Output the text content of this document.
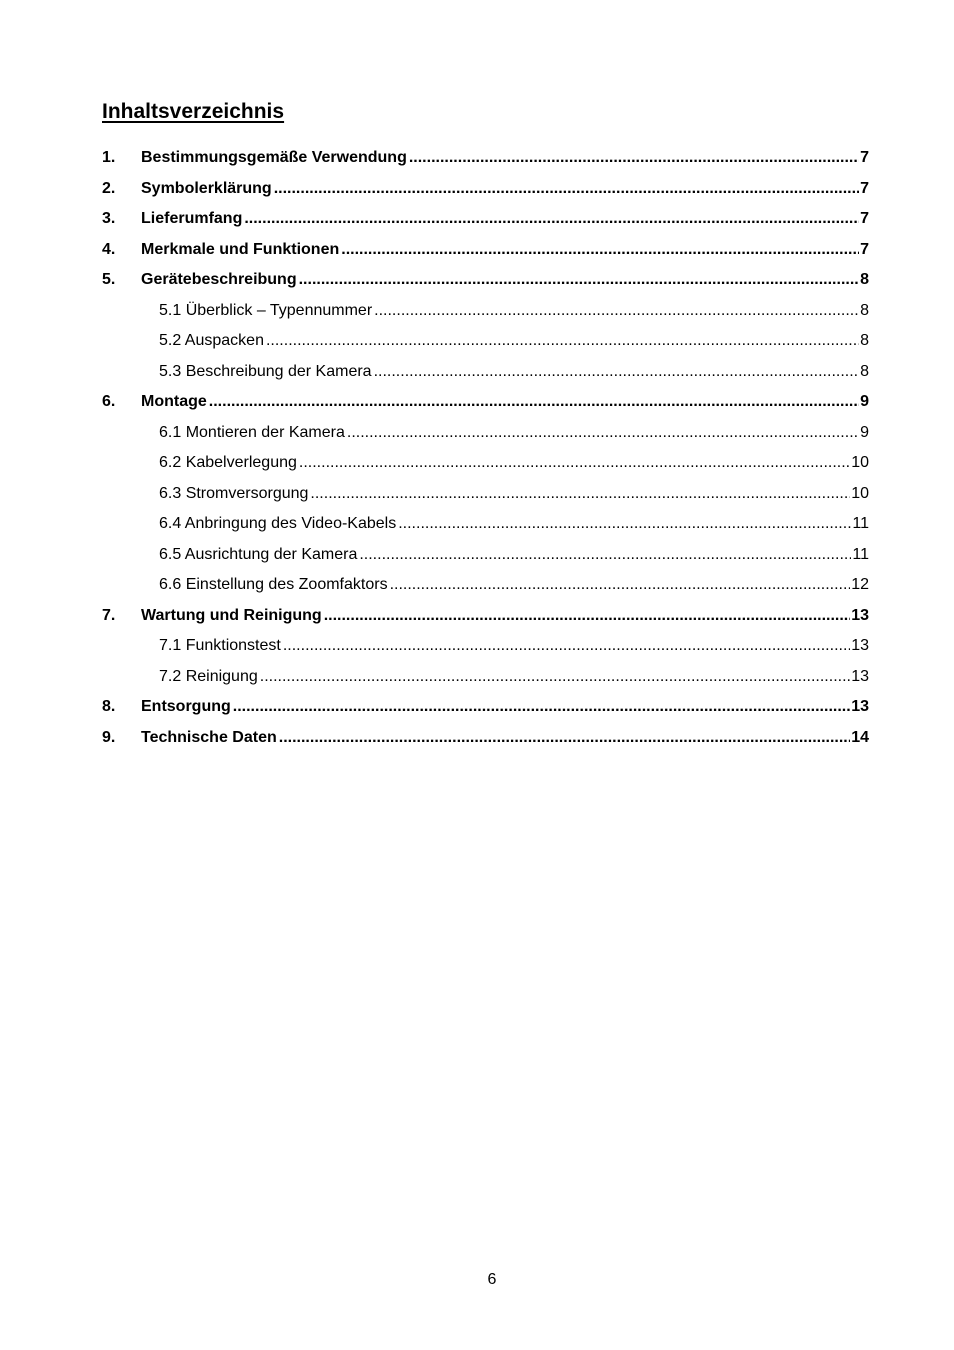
Inhaltsverzeichnis
1.	Bestimmungsgemäße Verwendung .....	7
2.	Symbolerklärung .....	7
3.	Lieferumfang .....	7
4.	Merkmale und Funktionen .....	7
5.	Gerätebeschreibung .....	8
5.1 Überblick – Typennummer .....	8
5.2 Auspacken .....	8
5.3 Beschreibung der Kamera .....	8
6.	Montage .....	9
6.1 Montieren der Kamera .....	9
6.2 Kabelverlegung .....	10
6.3 Stromversorgung .....	10
6.4 Anbringung des Video-Kabels .....	11
6.5 Ausrichtung der Kamera .....	11
6.6 Einstellung des Zoomfaktors .....	12
7.	Wartung und Reinigung .....	13
7.1 Funktionstest .....	13
7.2 Reinigung .....	13
8.	Entsorgung .....	13
9.	Technische Daten .....	14
6
